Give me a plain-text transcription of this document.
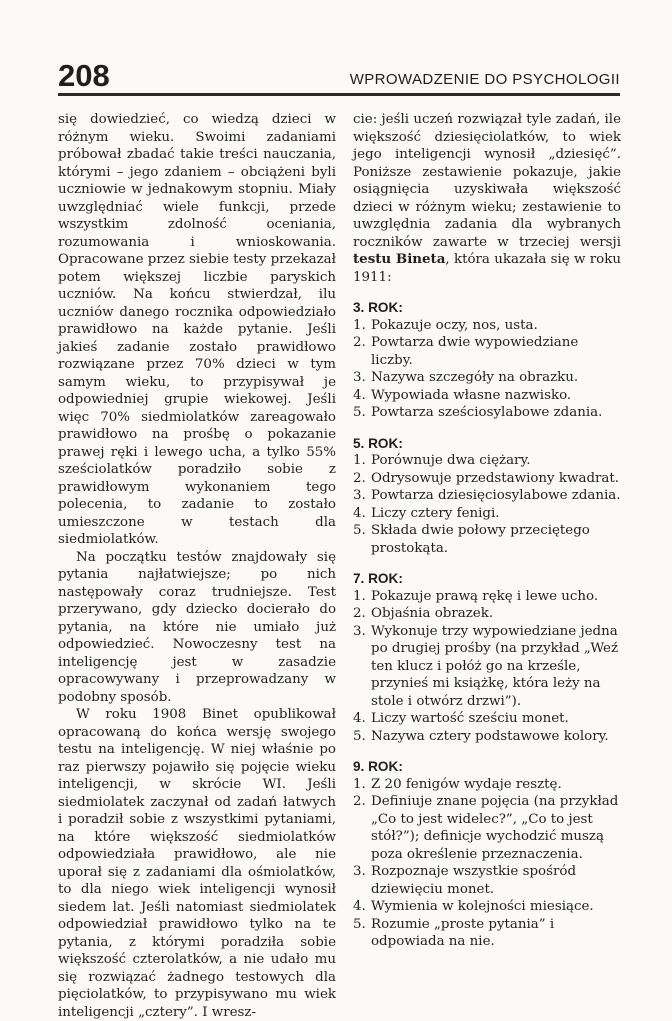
208	WPROWADZENIE DO PSYCHOLOGII

się dowiedzieć, co wiedzą dzieci w różnym wieku. Swoimi zadaniami próbował zbadać takie treści nauczania, którymi – jego zdaniem – obciążeni byli uczniowie w jednakowym stopniu. Miały uwzględniać wiele funkcji, przede wszystkim zdolność oceniania, rozumowania i wnioskowania. Opracowane przez siebie testy przekazał potem większej liczbie paryskich uczniów. Na końcu stwierdzał, ilu uczniów danego rocznika odpowiedziało prawidłowo na każde pytanie. Jeśli jakieś zadanie zostało prawidłowo rozwiązane przez 70% dzieci w tym samym wieku, to przypisywał je odpowiedniej grupie wiekowej. Jeśli więc 70% siedmiolatków zareagowało prawidłowo na prośbę o pokazanie prawej ręki i lewego ucha, a tylko 55% sześciolatków poradziło sobie z prawidłowym wykonaniem tego polecenia, to zadanie to zostało umieszczone w testach dla siedmiolatków.

Na początku testów znajdowały się pytania najłatwiejsze; po nich następowały coraz trudniejsze. Test przerywano, gdy dziecko docierało do pytania, na które nie umiało już odpowiedzieć. Nowoczesny test na inteligencję jest w zasadzie opracowywany i przeprowadzany w podobny sposób.

W roku 1908 Binet opublikował opracowaną do końca wersję swojego testu na inteligencję. W niej właśnie po raz pierwszy pojawiło się pojęcie wieku inteligencji, w skrócie WI. Jeśli siedmiolatek zaczynał od zadań łatwych i poradził sobie z wszystkimi pytaniami, na które większość siedmiolatków odpowiedziała prawidłowo, ale nie uporał się z zadaniami dla ośmiolatków, to dla niego wiek inteligencji wynosił siedem lat. Jeśli natomiast siedmiolatek odpowiedział prawidłowo tylko na te pytania, z którymi poradziła sobie większość czterolatków, a nie udało mu się rozwiązać żadnego testowych dla pięciolatków, to przypisywano mu wiek inteligencji „cztery”. I wresz-

cie: jeśli uczeń rozwiązał tyle zadań, ile większość dziesięciolatków, to wiek jego inteligencji wynosił „dziesięć”. Poniższe zestawienie pokazuje, jakie osiągnięcia uzyskiwała większość dzieci w różnym wieku; zestawienie to uwzględnia zadania dla wybranych roczników zawarte w trzeciej wersji testu Bineta, która ukazała się w roku 1911:

3. ROK:
1. Pokazuje oczy, nos, usta.
2. Powtarza dwie wypowiedziane liczby.
3. Nazywa szczegóły na obrazku.
4. Wypowiada własne nazwisko.
5. Powtarza sześciosylabowe zdania.
5. ROK:
1. Porównuje dwa ciężary.
2. Odrysowuje przedstawiony kwadrat.
3. Powtarza dziesięciosylabowe zdania.
4. Liczy cztery fenigi.
5. Składa dwie połowy przeciętego prostokąta.
7. ROK:
1. Pokazuje prawą rękę i lewe ucho.
2. Objaśnia obrazek.
3. Wykonuje trzy wypowiedziane jedna po drugiej prośby (na przykład „Weź ten klucz i połóż go na krześle, przynieś mi książkę, która leży na stole i otwórz drzwi”).
4. Liczy wartość sześciu monet.
5. Nazywa cztery podstawowe kolory.
9. ROK:
1. Z 20 fenigów wydaje resztę.
2. Definiuje znane pojęcia (na przykład „Co to jest widelec?”, „Co to jest stół?”); definicje wychodzić muszą poza określenie przeznaczenia.
3. Rozpoznaje wszystkie spośród dziewięciu monet.
4. Wymienia w kolejności miesiące.
5. Rozumie „proste pytania” i odpowiada na nie.
